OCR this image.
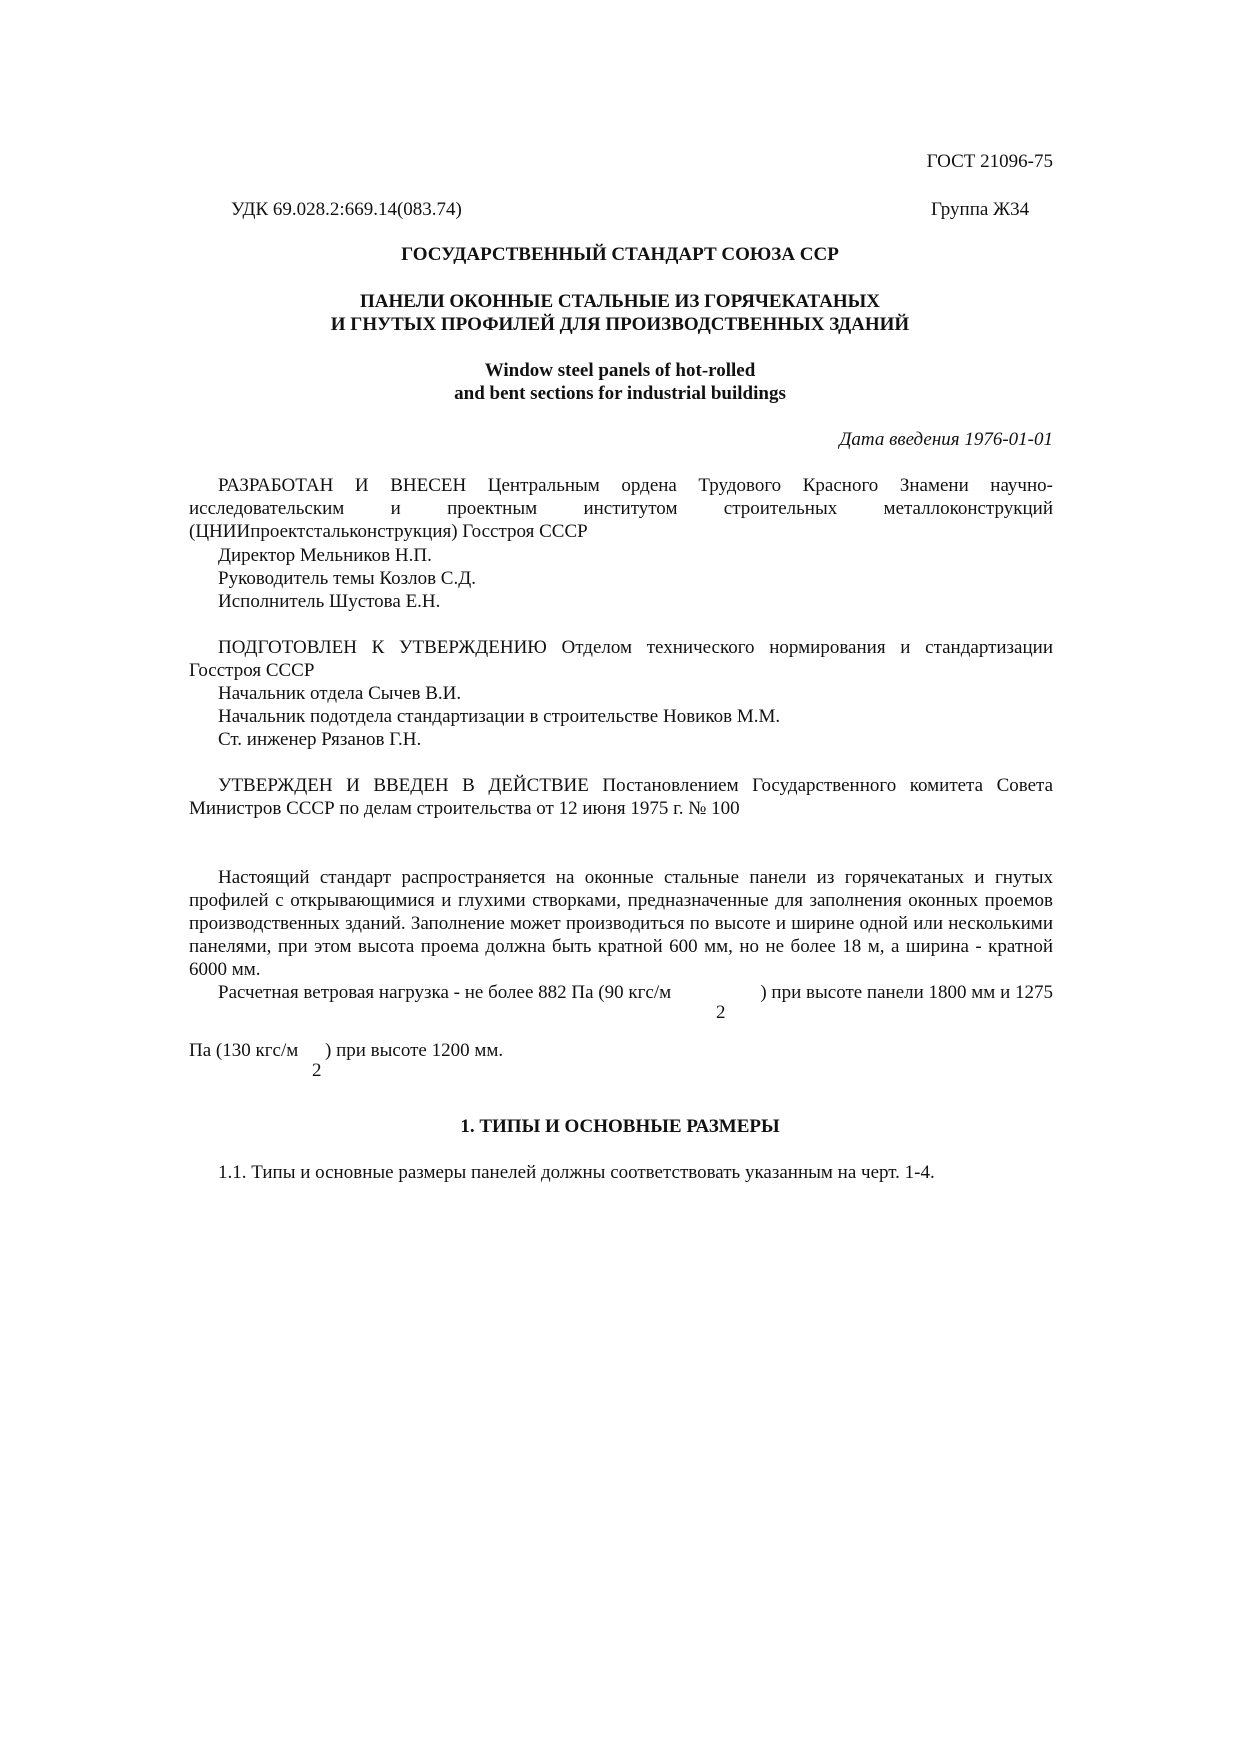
ГОСТ 21096-75
УДК 69.028.2:669.14(083.74)	Группа Ж34
ГОСУДАРСТВЕННЫЙ СТАНДАРТ СОЮЗА ССР
ПАНЕЛИ ОКОННЫЕ СТАЛЬНЫЕ ИЗ ГОРЯЧЕКАТАНЫХ
И ГНУТЫХ ПРОФИЛЕЙ ДЛЯ ПРОИЗВОДСТВЕННЫХ ЗДАНИЙ
Window steel panels of hot-rolled
and bent sections for industrial buildings
Дата введения 1976-01-01
РАЗРАБОТАН И ВНЕСЕН Центральным ордена Трудового Красного Знамени научно-исследовательским и проектным институтом строительных металлоконструкций (ЦНИИпроектстальконструкция) Госстроя СССР
Директор Мельников Н.П.
Руководитель темы Козлов С.Д.
Исполнитель Шустова Е.Н.
ПОДГОТОВЛЕН К УТВЕРЖДЕНИЮ Отделом технического нормирования и стандартизации Госстроя СССР
Начальник отдела Сычев В.И.
Начальник подотдела стандартизации в строительстве Новиков М.М.
Ст. инженер Рязанов Г.Н.
УТВЕРЖДЕН И ВВЕДЕН В ДЕЙСТВИЕ Постановлением Государственного комитета Совета Министров СССР по делам строительства от 12 июня 1975 г. № 100
Настоящий стандарт распространяется на оконные стальные панели из горячекатаных и гнутых профилей с открывающимися и глухими створками, предназначенные для заполнения оконных проемов производственных зданий. Заполнение может производиться по высоте и ширине одной или несколькими панелями, при этом высота проема должна быть кратной 600 мм, но не более 18 м, а ширина - кратной 6000 мм.
Расчетная ветровая нагрузка - не более 882 Па (90 кгс/м	) при высоте панели 1800 мм и 1275
2
Па (130 кгс/м ) при высоте 1200 мм.
2
1. ТИПЫ И ОСНОВНЫЕ РАЗМЕРЫ
1.1. Типы и основные размеры панелей должны соответствовать указанным на черт. 1-4.
